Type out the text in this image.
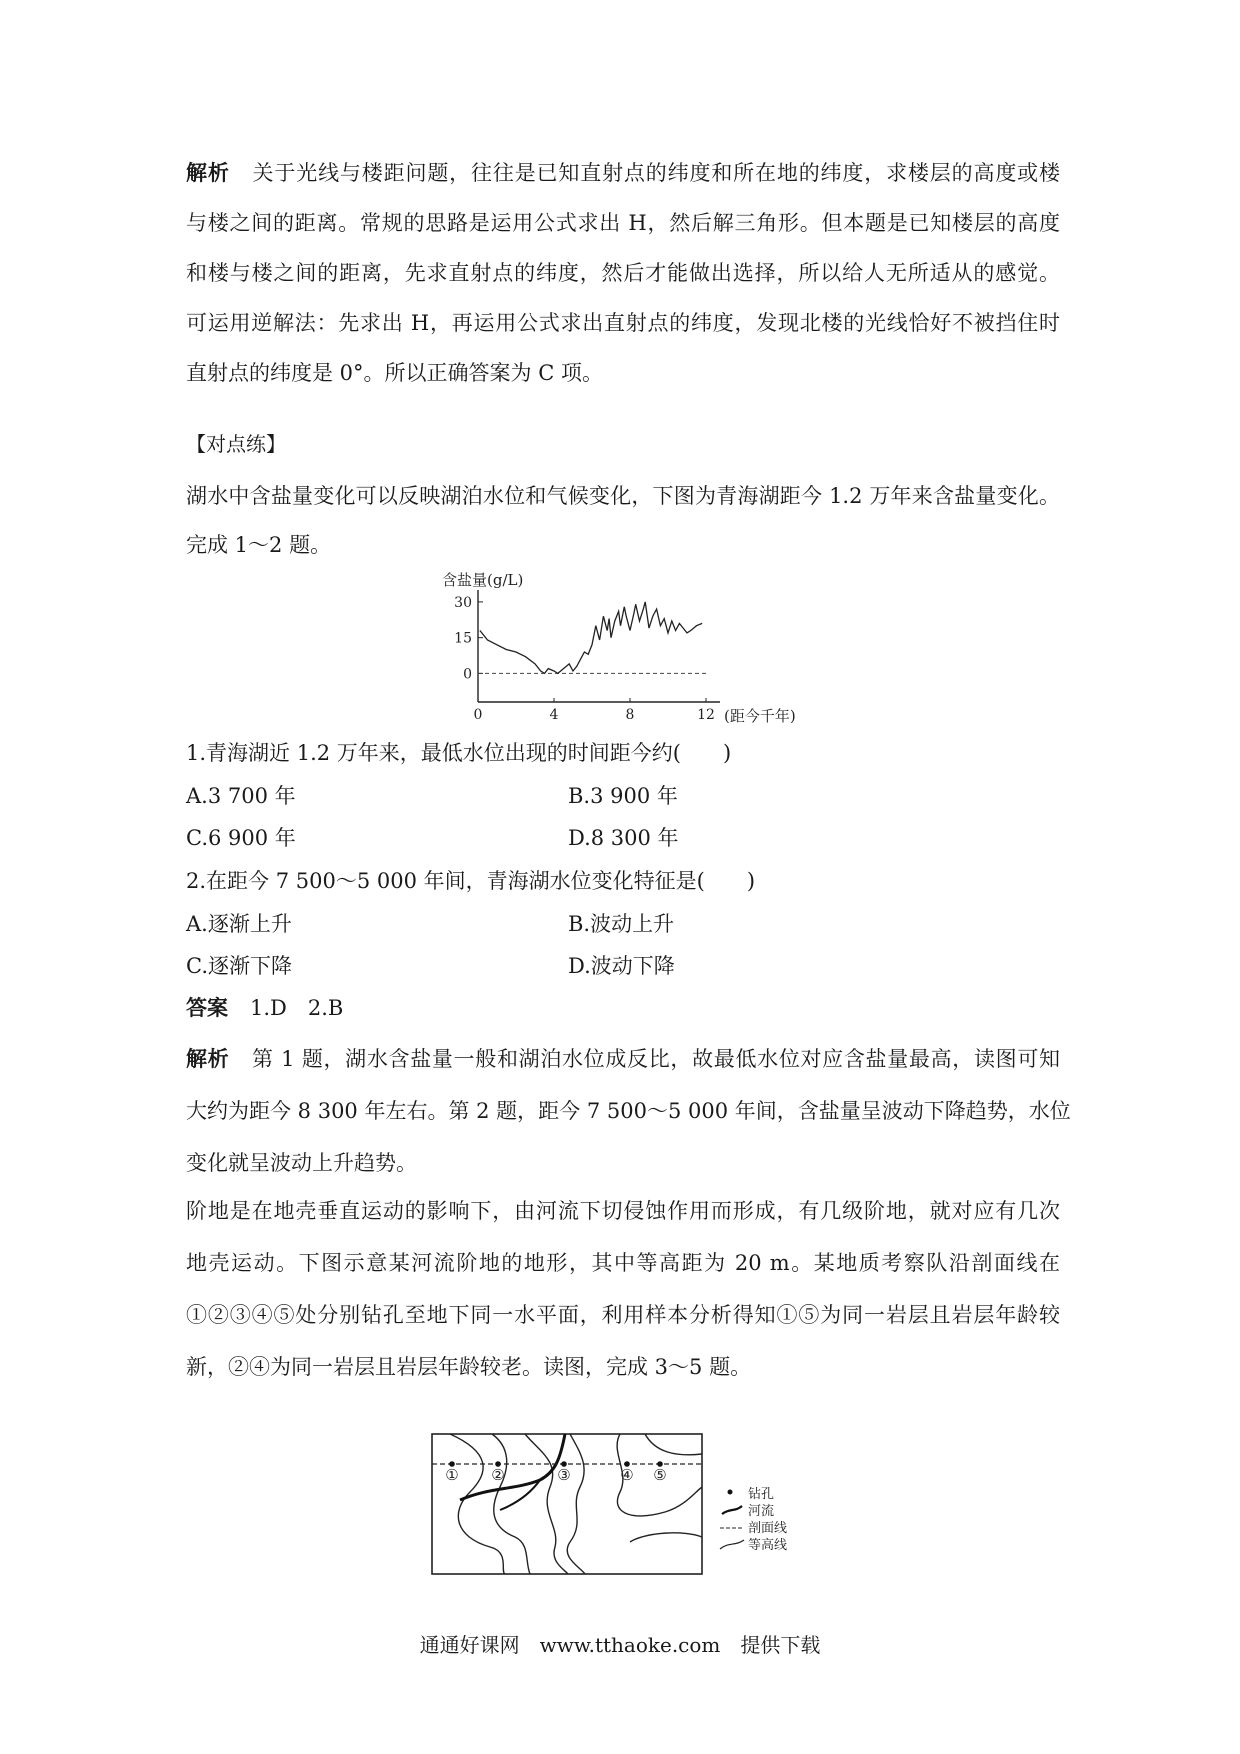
解析 关于光线与楼距问题，往往是已知直射点的纬度和所在地的纬度，求楼层的高度或楼
与楼之间的距离。常规的思路是运用公式求出 H，然后解三角形。但本题是已知楼层的高度
和楼与楼之间的距离，先求直射点的纬度，然后才能做出选择，所以给人无所适从的感觉。
可运用逆解法：先求出 H，再运用公式求出直射点的纬度，发现北楼的光线恰好不被挡住时
直射点的纬度是 0°。所以正确答案为 C 项。
【对点练】
湖水中含盐量变化可以反映湖泊水位和气候变化，下图为青海湖距今 1.2 万年来含盐量变化。
完成 1～2 题。
含盐量(g/L)
30
15
0
0	4	8	12 (距今千年)
1.青海湖近 1.2 万年来，最低水位出现的时间距今约(　　)
A.3 700 年	B.3 900 年
C.6 900 年	D.8 300 年
2.在距今 7 500～5 000 年间，青海湖水位变化特征是(　　)
A.逐渐上升	B.波动上升
C.逐渐下降	D.波动下降
答案 1.D　2.B
解析 第 1 题，湖水含盐量一般和湖泊水位成反比，故最低水位对应含盐量最高，读图可知
大约为距今 8 300 年左右。第 2 题，距今 7 500～5 000 年间，含盐量呈波动下降趋势，水位
变化就呈波动上升趋势。
阶地是在地壳垂直运动的影响下，由河流下切侵蚀作用而形成，有几级阶地，就对应有几次
地壳运动。下图示意某河流阶地的地形，其中等高距为 20 m。某地质考察队沿剖面线在
①②③④⑤处分别钻孔至地下同一水平面，利用样本分析得知①⑤为同一岩层且岩层年龄较
新，②④为同一岩层且岩层年龄较老。读图，完成 3～5 题。
① ②	③	④ ⑤
钻孔
河流
剖面线
等高线
通通好课网　www.tthaoke.com　提供下载
